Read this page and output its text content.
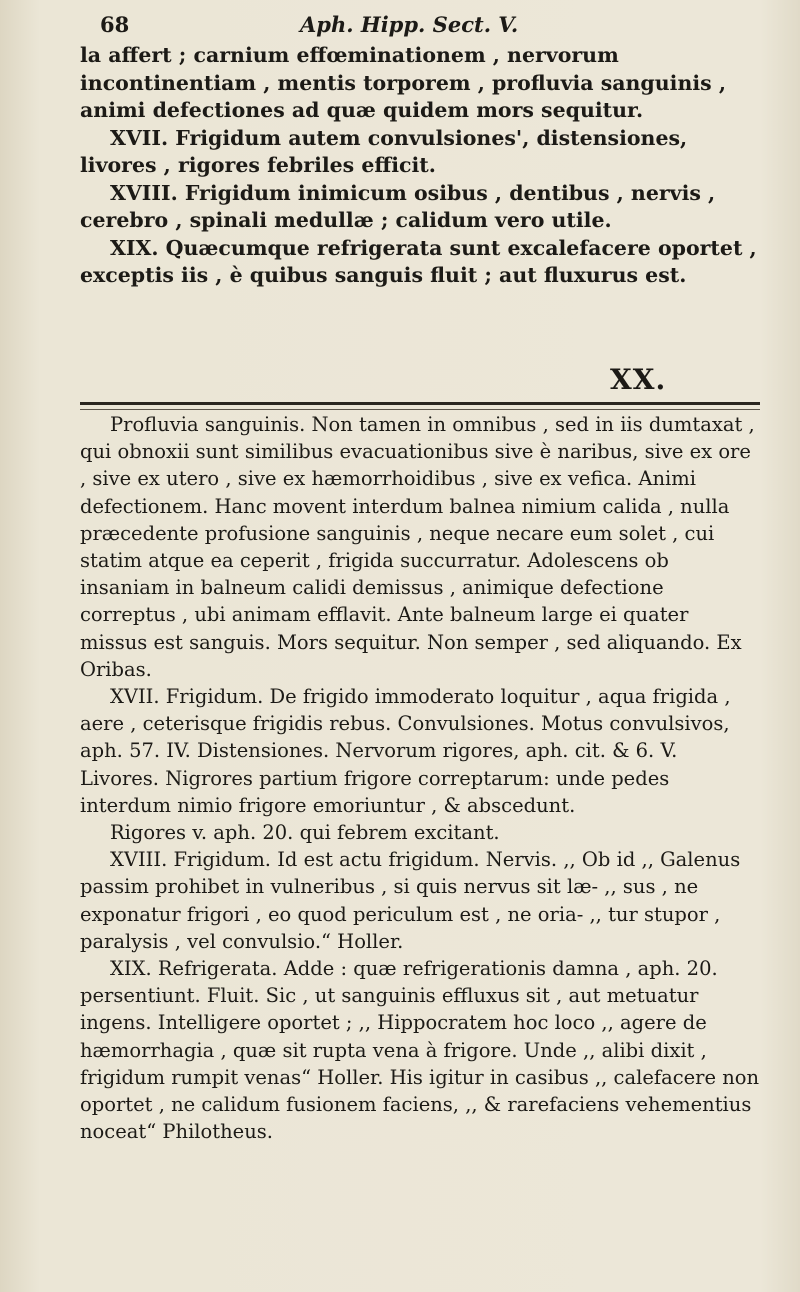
68	Aph. Hipp. Sect. V.

la affert ; carnium effœminationem , nervorum incontinentiam , mentis torporem , profluvia sanguinis , animi defectiones ad quæ quidem mors sequitur.

XVII. Frigidum autem convulsiones', distensiones, livores , rigores febriles efficit.

XVIII. Frigidum inimicum osibus , dentibus , nervis , cerebro , spinali medullæ ; calidum vero utile.

XIX. Quæcumque refrigerata sunt excalefacere oportet , exceptis iis , è quibus sanguis fluit ; aut fluxurus est.

XX.

Profluvia sanguinis. Non tamen in omnibus , sed in iis dumtaxat , qui obnoxii sunt similibus evacuationibus sive è naribus, sive ex ore , sive ex utero , sive ex hæmorrhoidibus , sive ex vefica. Animi defectionem. Hanc movent interdum balnea nimium calida , nulla præcedente profusione sanguinis , neque necare eum solet , cui statim atque ea ceperit , frigida succurratur. Adolescens ob insaniam in balneum calidi demissus , animique defectione correptus , ubi animam efflavit. Ante balneum large ei quater missus est sanguis. Mors sequitur. Non semper , sed aliquando. Ex Oribas.

XVII. Frigidum. De frigido immoderato loquitur , aqua frigida , aere , ceterisque frigidis rebus. Convulsiones. Motus convulsivos, aph. 57. IV. Distensiones. Nervorum rigores, aph. cit. & 6. V. Livores. Nigrores partium frigore correptarum: unde pedes interdum nimio frigore emoriuntur , & abscedunt.

Rigores v. aph. 20. qui febrem excitant.

XVIII. Frigidum. Id est actu frigidum. Nervis. ,, Ob id ,, Galenus passim prohibet in vulneribus , si quis nervus sit læ- ,, sus , ne exponatur frigori , eo quod periculum est , ne oria- ,, tur stupor , paralysis , vel convulsio.“ Holler.

XIX. Refrigerata. Adde : quæ refrigerationis damna , aph. 20. persentiunt. Fluit. Sic , ut sanguinis effluxus sit , aut metuatur ingens. Intelligere oportet ; ,, Hippocratem hoc loco ,, agere de hæmorrhagia , quæ sit rupta vena à frigore. Unde ,, alibi dixit , frigidum rumpit venas“ Holler. His igitur in casibus ,, calefacere non oportet , ne calidum fusionem faciens, ,, & rarefaciens vehementius noceat“ Philotheus.
